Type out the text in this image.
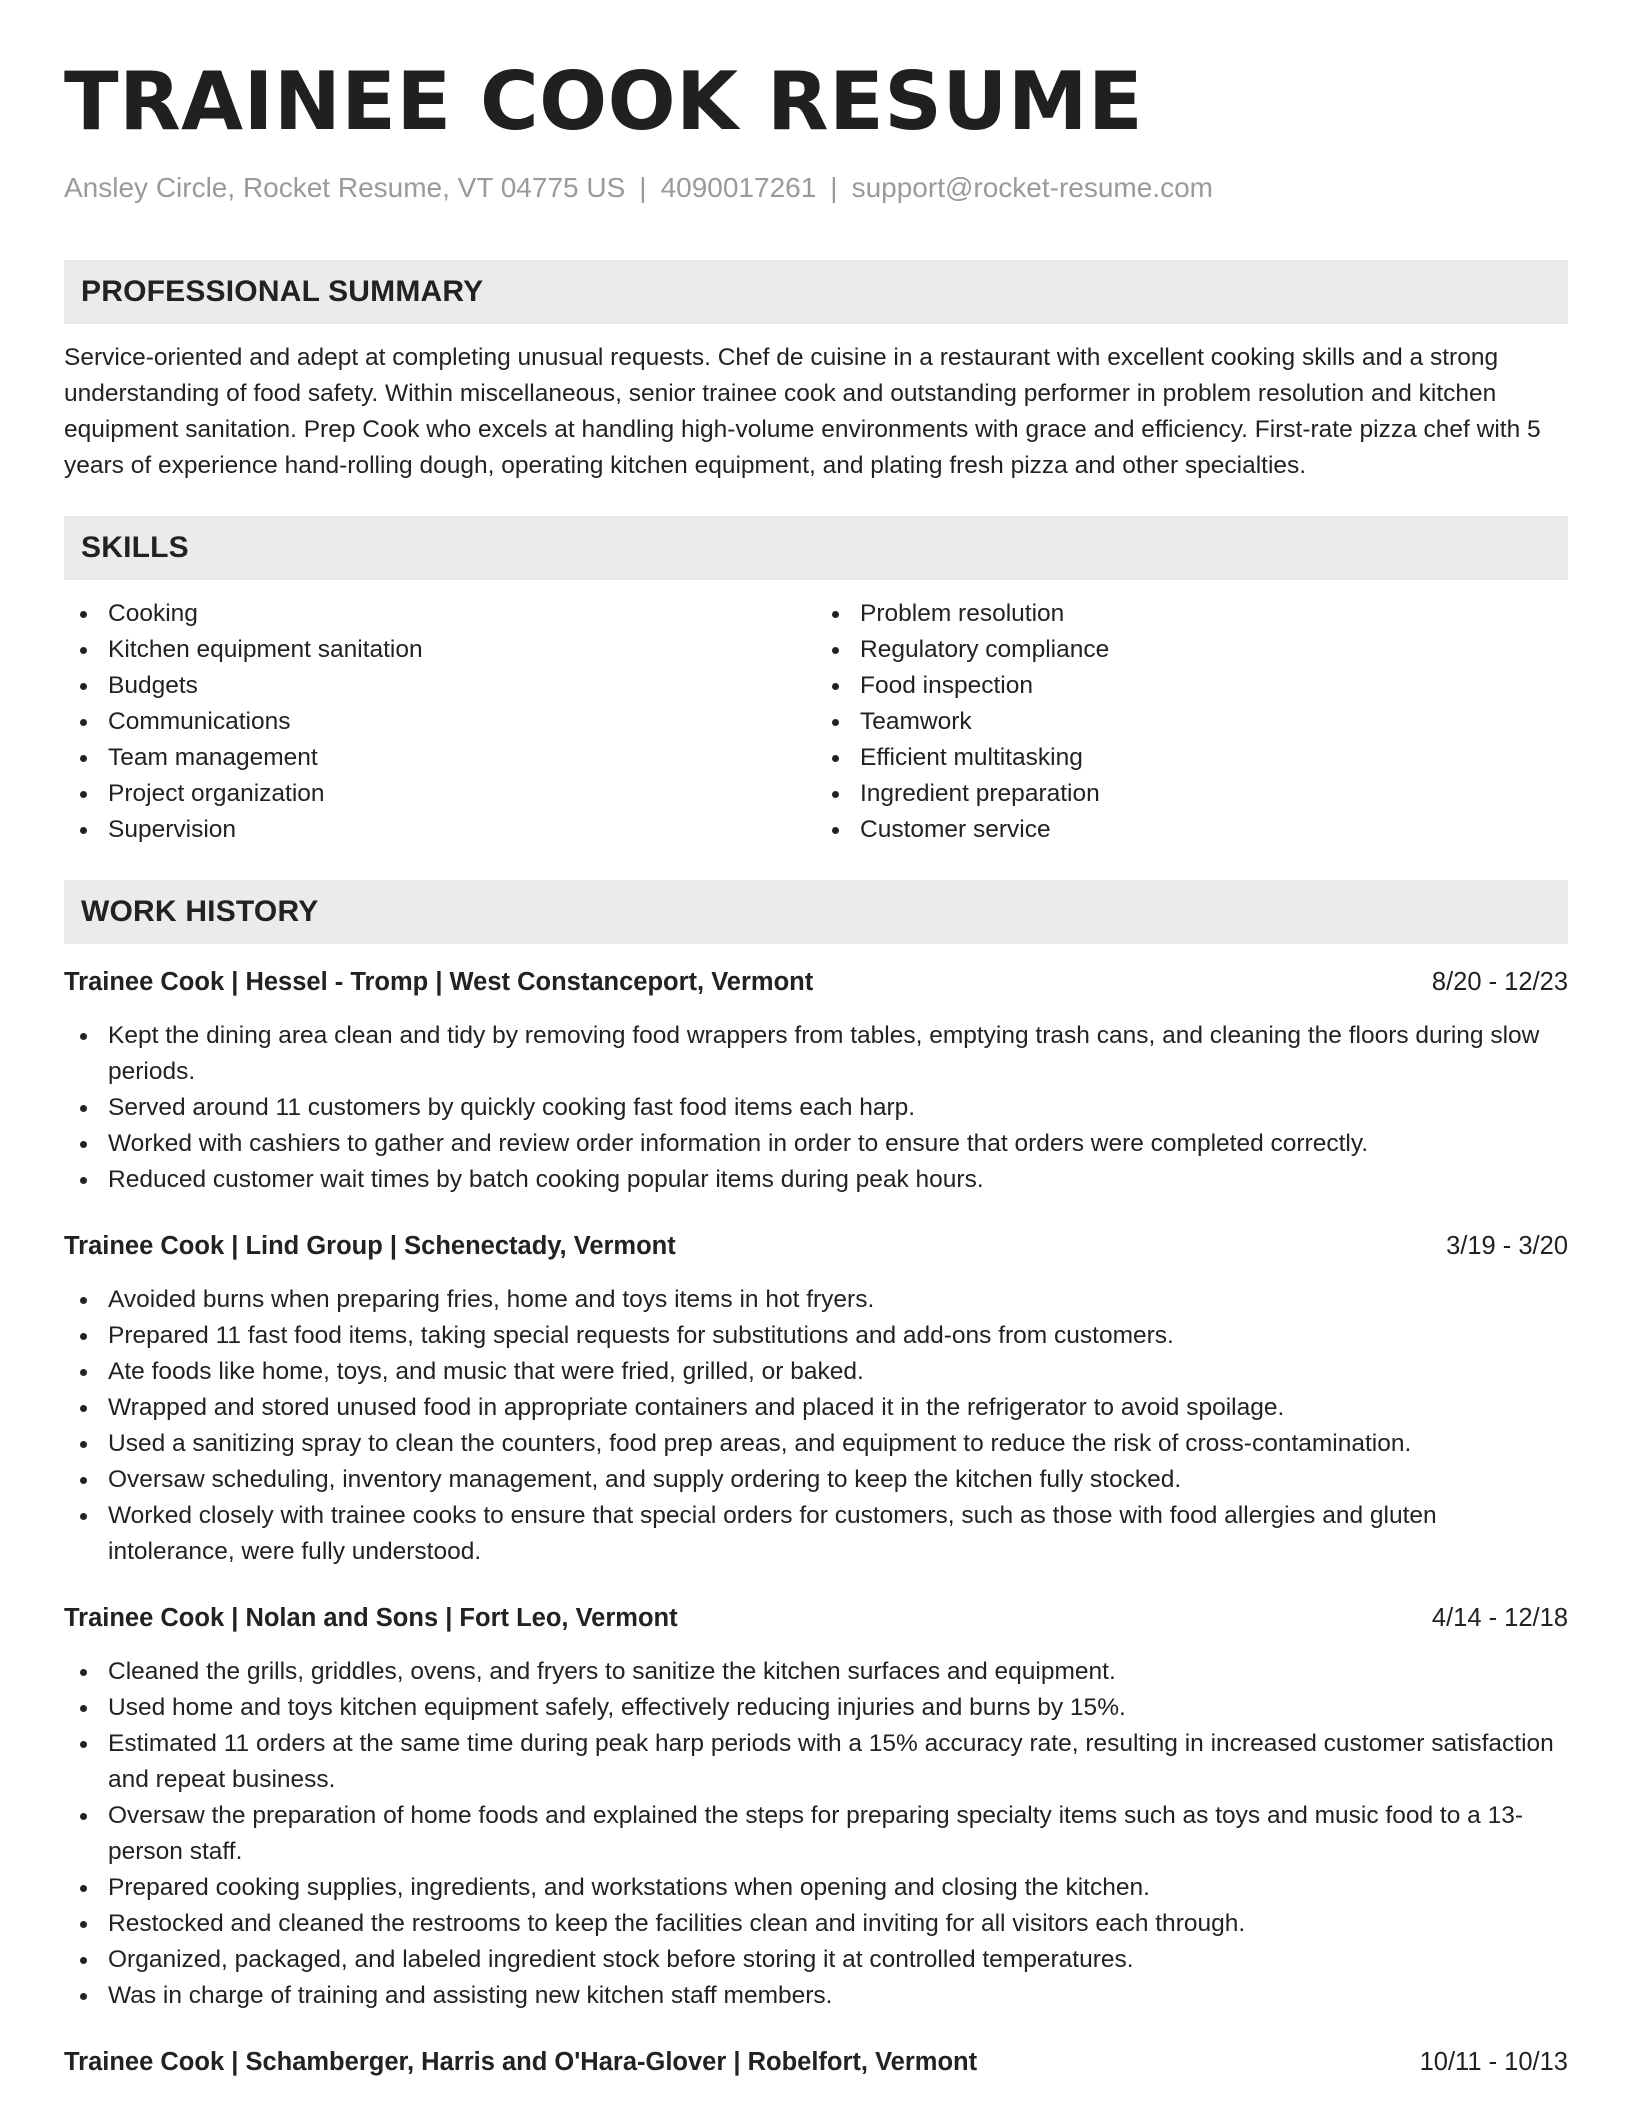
TRAINEE COOK RESUME
Ansley Circle, Rocket Resume, VT 04775 US | 4090017261 | support@rocket-resume.com
PROFESSIONAL SUMMARY

Service-oriented and adept at completing unusual requests. Chef de cuisine in a restaurant with excellent cooking skills and a strong understanding of food safety. Within miscellaneous, senior trainee cook and outstanding performer in problem resolution and kitchen equipment sanitation. Prep Cook who excels at handling high-volume environments with grace and efficiency. First-rate pizza chef with 5 years of experience hand-rolling dough, operating kitchen equipment, and plating fresh pizza and other specialties.

SKILLS
Cooking
Kitchen equipment sanitation
Budgets
Communications
Team management
Project organization
Supervision
Problem resolution
Regulatory compliance
Food inspection
Teamwork
Efficient multitasking
Ingredient preparation
Customer service
WORK HISTORY
Trainee Cook | Hessel - Tromp | West Constanceport, Vermont	8/20 - 12/23
Kept the dining area clean and tidy by removing food wrappers from tables, emptying trash cans, and cleaning the floors during slow periods.
Served around 11 customers by quickly cooking fast food items each harp.
Worked with cashiers to gather and review order information in order to ensure that orders were completed correctly.
Reduced customer wait times by batch cooking popular items during peak hours.
Trainee Cook | Lind Group | Schenectady, Vermont	3/19 - 3/20
Avoided burns when preparing fries, home and toys items in hot fryers.
Prepared 11 fast food items, taking special requests for substitutions and add-ons from customers.
Ate foods like home, toys, and music that were fried, grilled, or baked.
Wrapped and stored unused food in appropriate containers and placed it in the refrigerator to avoid spoilage.
Used a sanitizing spray to clean the counters, food prep areas, and equipment to reduce the risk of cross-contamination.
Oversaw scheduling, inventory management, and supply ordering to keep the kitchen fully stocked.
Worked closely with trainee cooks to ensure that special orders for customers, such as those with food allergies and gluten intolerance, were fully understood.
Trainee Cook | Nolan and Sons | Fort Leo, Vermont	4/14 - 12/18
Cleaned the grills, griddles, ovens, and fryers to sanitize the kitchen surfaces and equipment.
Used home and toys kitchen equipment safely, effectively reducing injuries and burns by 15%.
Estimated 11 orders at the same time during peak harp periods with a 15% accuracy rate, resulting in increased customer satisfaction and repeat business.
Oversaw the preparation of home foods and explained the steps for preparing specialty items such as toys and music food to a 13-person staff.
Prepared cooking supplies, ingredients, and workstations when opening and closing the kitchen.
Restocked and cleaned the restrooms to keep the facilities clean and inviting for all visitors each through.
Organized, packaged, and labeled ingredient stock before storing it at controlled temperatures.
Was in charge of training and assisting new kitchen staff members.
Trainee Cook | Schamberger, Harris and O'Hara-Glover | Robelfort, Vermont	10/11 - 10/13
